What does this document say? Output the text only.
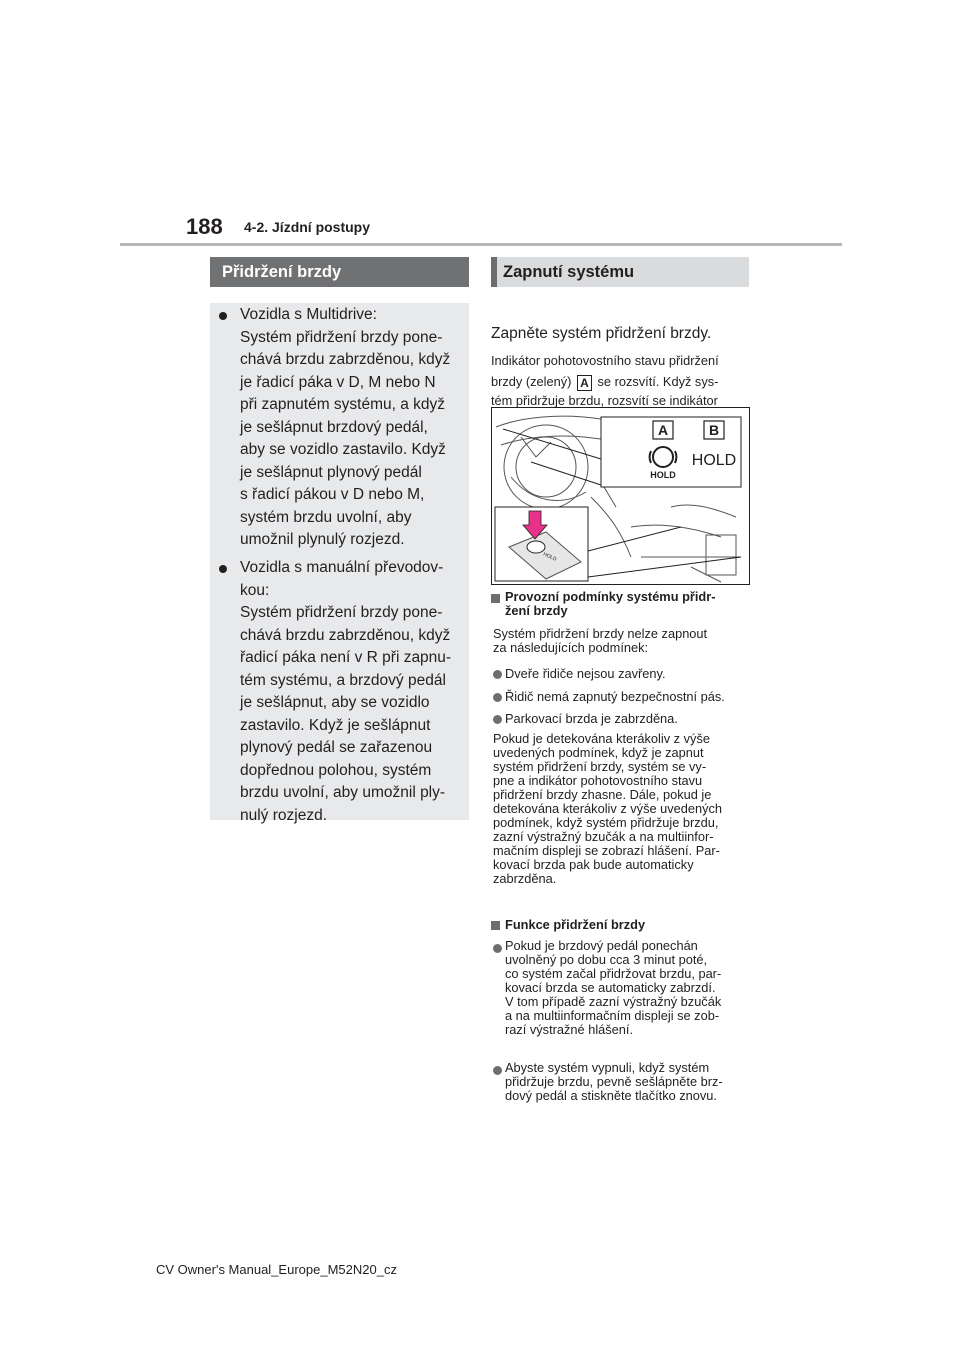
188 4-2. Jízdní postupy
Přidržení brzdy
Vozidla s Multidrive:
Systém přidržení brzdy pone-
chává brzdu zabrzděnou, když
je řadicí páka v D, M nebo N
při zapnutém systému, a když
je sešlápnut brzdový pedál,
aby se vozidlo zastavilo. Když
je sešlápnut plynový pedál
s řadicí pákou v D nebo M,
systém brzdu uvolní, aby
umožnil plynulý rozjezd.
Vozidla s manuální převodov-
kou:
Systém přidržení brzdy pone-
chává brzdu zabrzděnou, když
řadicí páka není v R při zapnu-
tém systému, a brzdový pedál
je sešlápnut, aby se vozidlo
zastavilo. Když je sešlápnut
plynový pedál se zařazenou
dopřednou polohou, systém
brzdu uvolní, aby umožnil ply-
nulý rozjezd.
Zapnutí systému
Zapněte systém přidržení brzdy.
Indikátor pohotovostního stavu přidržení
brzdy (zelený) A se rozsvítí. Když sys-
tém přidržuje brzdu, rozsvítí se indikátor
A	B
HOLD
HOLD
HOLD
Provozní podmínky systému přidr-
žení brzdy
Systém přidržení brzdy nelze zapnout
za následujících podmínek:
Dveře řidiče nejsou zavřeny.
Řidič nemá zapnutý bezpečnostní pás.
Parkovací brzda je zabrzděna.
Pokud je detekována kterákoliv z výše
uvedených podmínek, když je zapnut
systém přidržení brzdy, systém se vy-
pne a indikátor pohotovostního stavu
přidržení brzdy zhasne. Dále, pokud je
detekována kterákoliv z výše uvedených
podmínek, když systém přidržuje brzdu,
zazní výstražný bzučák a na multiinfor-
mačním displeji se zobrazí hlášení. Par-
kovací brzda pak bude automaticky
zabrzděna.
Funkce přidržení brzdy
Pokud je brzdový pedál ponechán
uvolněný po dobu cca 3 minut poté,
co systém začal přidržovat brzdu, par-
kovací brzda se automaticky zabrzdí.
V tom případě zazní výstražný bzučák
a na multiinformačním displeji se zob-
razí výstražné hlášení.
Abyste systém vypnuli, když systém
přidržuje brzdu, pevně sešlápněte brz-
dový pedál a stiskněte tlačítko znovu.
CV Owner's Manual_Europe_M52N20_cz
